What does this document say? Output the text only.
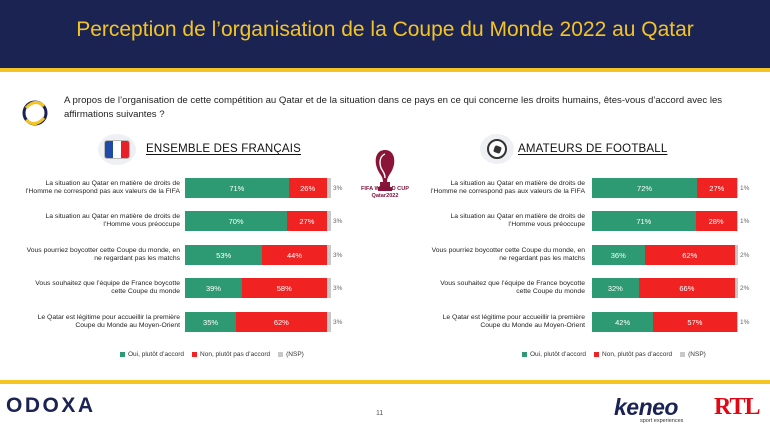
Perception de l’organisation de la Coupe du Monde 2022 au Qatar
A propos de l’organisation de cette compétition au Qatar et de la situation dans ce pays en ce qui concerne les droits humains, êtes-vous d’accord avec les affirmations suivantes ?
ENSEMBLE DES FRANÇAIS	AMATEURS DE FOOTBALL
FIFA WORLD CUP Qatar2022
La situation au Qatar en matière de droits de l’Homme ne correspond pas aux valeurs de la FIFA	71%	26%	3%
La situation au Qatar en matière de droits de l’Homme vous préoccupe	70%	27%	3%
Vous pourriez boycotter cette Coupe du monde, en ne regardant pas les matchs	53%	44%	3%
Vous souhaitez que l’équipe de France boycotte cette Coupe du monde	39%	58%	3%
Le Qatar est légitime pour accueillir la première Coupe du Monde au Moyen-Orient	35%	62%	3%
La situation au Qatar en matière de droits de l’Homme ne correspond pas aux valeurs de la FIFA	72%	27%	1%
La situation au Qatar en matière de droits de l’Homme vous préoccupe	71%	28%	1%
Vous pourriez boycotter cette Coupe du monde, en ne regardant pas les matchs	36%	62%	2%
Vous souhaitez que l’équipe de France boycotte cette Coupe du monde	32%	66%	2%
Le Qatar est légitime pour accueillir la première Coupe du Monde au Moyen-Orient	42%	57%	1%
Oui, plutôt d’accord Non, plutôt pas d’accord (NSP)	Oui, plutôt d’accord Non, plutôt pas d’accord (NSP)
ODOXA	11	keneo
sport experiences
RTL
